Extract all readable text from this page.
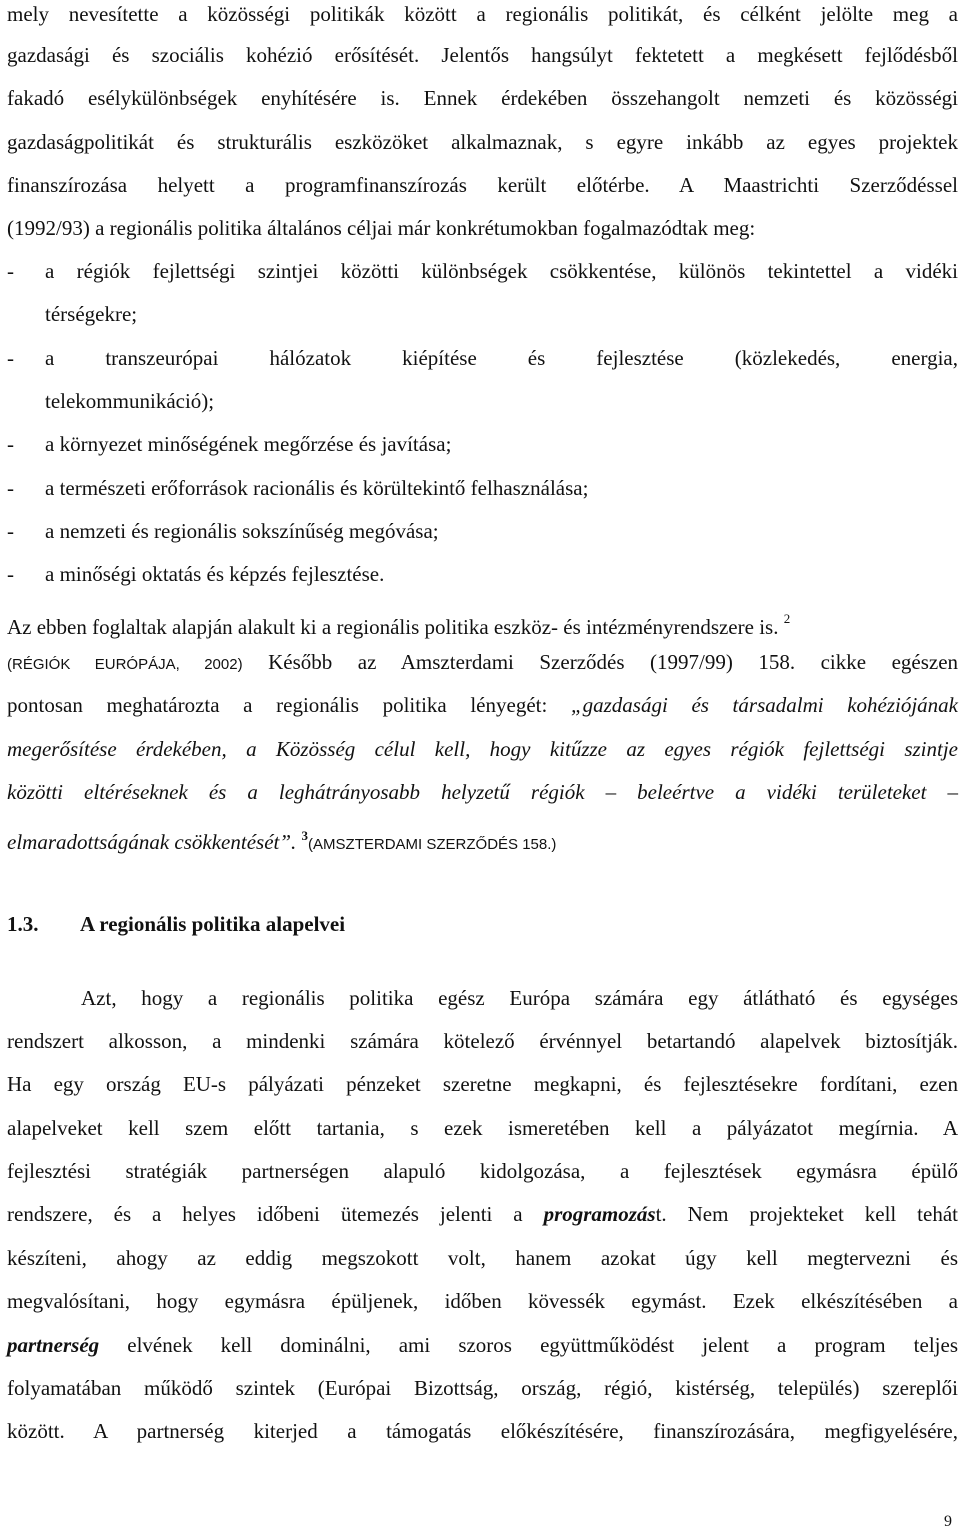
mely nevesítette a közösségi politikák között a regionális politikát, és célként jelölte meg a
gazdasági és szociális kohézió erősítését. Jelentős hangsúlyt fektetett a megkésett fejlődésből
fakadó esélykülönbségek enyhítésére is. Ennek érdekében összehangolt nemzeti és közösségi
gazdaságpolitikát és strukturális eszközöket alkalmaznak, s egyre inkább az egyes projektek
finanszírozása helyett a programfinanszírozás került előtérbe. A Maastrichti Szerződéssel
(1992/93) a regionális politika általános céljai már konkrétumokban fogalmazódtak meg:
- a régiók fejlettségi szintjei közötti különbségek csökkentése, különös tekintettel a vidéki
térségekre;
- a transzeurópai hálózatok kiépítése és fejlesztése (közlekedés, energia,
telekommunikáció);
- a környezet minőségének megőrzése és javítása;
- a természeti erőforrások racionális és körültekintő felhasználása;
- a nemzeti és regionális sokszínűség megóvása;
- a minőségi oktatás és képzés fejlesztése.
Az ebben foglaltak alapján alakult ki a regionális politika eszköz- és intézményrendszere is. $^2$
(RÉGIÓK EURÓPÁJA, 2002) Később az Amszterdami Szerződés (1997/99) 158. cikke egészen
pontosan meghatározta a regionális politika lényegét: „gazdasági és társadalmi kohéziójának
megerősítése érdekében, a Közösség célul kell, hogy kitűzze az egyes régiók fejlettségi szintje
közötti eltéréseknek és a leghátrányosabb helyzetű régiók – beleértve a vidéki területeket –
elmaradottságának csökkentését”. $^3$(AMSZTERDAMI SZERZŐDÉS 158.)
1.3. A regionális politika alapelvei
Azt, hogy a regionális politika egész Európa számára egy átlátható és egységes
rendszert alkosson, a mindenki számára kötelező érvénnyel betartandó alapelvek biztosítják.
Ha egy ország EU-s pályázati pénzeket szeretne megkapni, és fejlesztésekre fordítani, ezen
alapelveket kell szem előtt tartania, s ezek ismeretében kell a pályázatot megírnia. A
fejlesztési stratégiák partnerségen alapuló kidolgozása, a fejlesztések egymásra épülő
rendszere, és a helyes időbeni ütemezés jelenti a programozást. Nem projekteket kell tehát
készíteni, ahogy az eddig megszokott volt, hanem azokat úgy kell megtervezni és
megvalósítani, hogy egymásra épüljenek, időben kövessék egymást. Ezek elkészítésében a
partnerség elvének kell dominálni, ami szoros együttműködést jelent a program teljes
folyamatában működő szintek (Európai Bizottság, ország, régió, kistérség, település) szereplői
között. A partnerség kiterjed a támogatás előkészítésére, finanszírozására, megfigyelésére,
9
